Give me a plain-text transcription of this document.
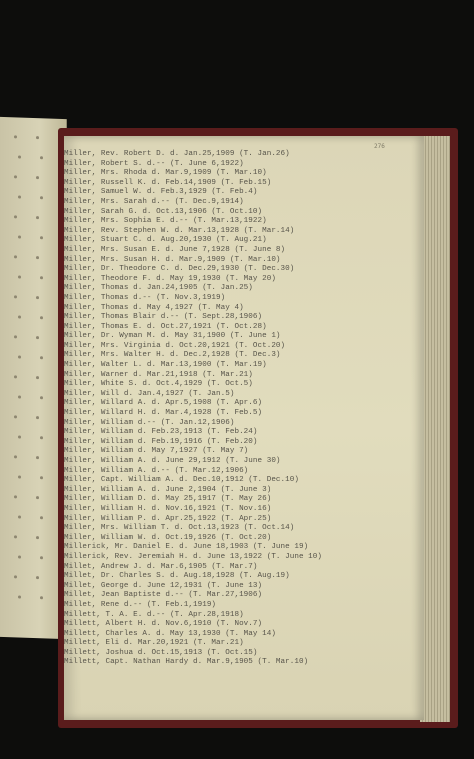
276
Miller, Rev. Robert D. d. Jan.25,1909 (T. Jan.26)
Miller, Robert S. d.-- (T. June 6,1922)
Miller, Mrs. Rhoda d. Mar.9,1909 (T. Mar.10)
Miller, Russell K. d. Feb.14,1909 (T. Feb.15)
Miller, Samuel W. d. Feb.3,1929 (T. Feb.4)
Miller, Mrs. Sarah d.-- (T. Dec.9,1914)
Miller, Sarah G. d. Oct.13,1906 (T. Oct.10)
Miller, Mrs. Sophia E. d.-- (T. Mar.13,1922)
Miller, Rev. Stephen W. d. Mar.13,1928 (T. Mar.14)
Miller, Stuart C. d. Aug.20,1930 (T. Aug.21)
Miller, Mrs. Susan E. d. June 7,1928 (T. June 8)
Miller, Mrs. Susan H. d. Mar.9,1909 (T. Mar.10)
Miller, Dr. Theodore C. d. Dec.29,1930 (T. Dec.30)
Miller, Theodore F. d. May 19,1930 (T. May 20)
Miller, Thomas d. Jan.24,1905 (T. Jan.25)
Miller, Thomas d.-- (T. Nov.3,1919)
Miller, Thomas d. May 4,1927 (T. May 4)
Miller, Thomas Blair d.-- (T. Sept.28,1906)
Miller, Thomas E. d. Oct.27,1921 (T. Oct.28)
Miller, Dr. Wyman M. d. May 31,1900 (T. June 1)
Miller, Mrs. Virginia d. Oct.20,1921 (T. Oct.20)
Miller, Mrs. Walter H. d. Dec.2,1928 (T. Dec.3)
Miller, Walter L. d. Mar.13,1900 (T. Mar.19)
Miller, Warner d. Mar.21,1918 (T. Mar.21)
Miller, White S. d. Oct.4,1929 (T. Oct.5)
Miller, Will d. Jan.4,1927 (T. Jan.5)
Miller, Willard A. d. Apr.5,1908 (T. Apr.6)
Miller, Willard H. d. Mar.4,1928 (T. Feb.5)
Miller, William d.-- (T. Jan.12,1906)
Miller, William d. Feb.23,1913 (T. Feb.24)
Miller, William d. Feb.19,1916 (T. Feb.20)
Miller, William d. May 7,1927 (T. May 7)
Miller, William A. d. June 29,1912 (T. June 30)
Miller, William A. d.-- (T. Mar.12,1906)
Miller, Capt. William A. d. Dec.10,1912 (T. Dec.10)
Miller, William A. d. June 2,1904 (T. June 3)
Miller, William D. d. May 25,1917 (T. May 26)
Miller, William H. d. Nov.16,1921 (T. Nov.16)
Miller, William P. d. Apr.25,1922 (T. Apr.25)
Miller, Mrs. William T. d. Oct.13,1923 (T. Oct.14)
Miller, William W. d. Oct.19,1926 (T. Oct.20)
Millerick, Mr. Daniel E. d. June 18,1903 (T. June 19)
Millerick, Rev. Jeremiah H. d. June 13,1922 (T. June 10)
Millet, Andrew J. d. Mar.6,1905 (T. Mar.7)
Millet, Dr. Charles S. d. Aug.18,1928 (T. Aug.19)
Millet, George d. June 12,1931 (T. June 13)
Millet, Jean Baptiste d.-- (T. Mar.27,1906)
Millet, Rene d.-- (T. Feb.1,1919)
Millett, T. A. E. d.-- (T. Apr.28,1918)
Millett, Albert H. d. Nov.6,1910 (T. Nov.7)
Millett, Charles A. d. May 13,1930 (T. May 14)
Millett, Eli d. Mar.20,1921 (T. Mar.21)
Millett, Joshua d. Oct.15,1913 (T. Oct.15)
Millett, Capt. Nathan Hardy d. Mar.9,1905 (T. Mar.10)
